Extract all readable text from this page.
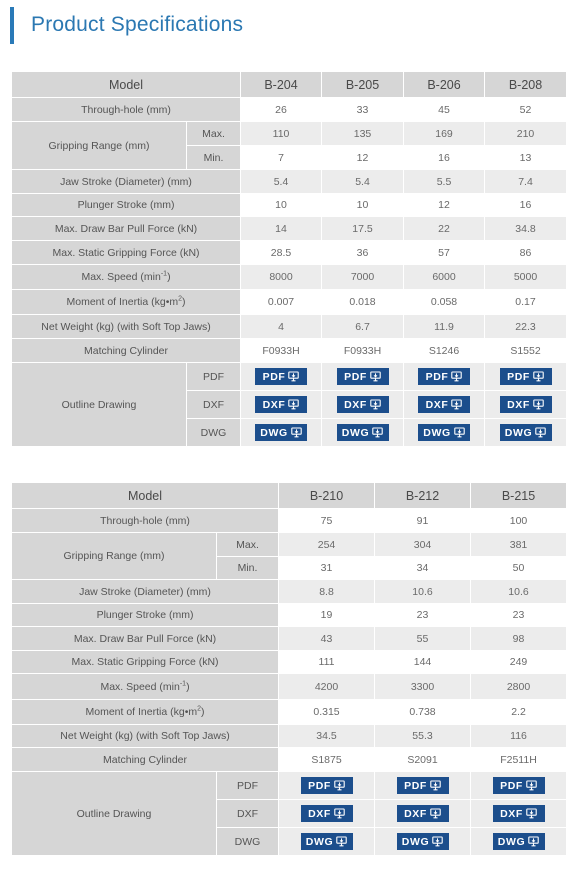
Product Specifications
Model		B-204	B-205	B-206	B-208
Through-hole (mm)		26	33	45	52
Gripping Range (mm)	Max.	110	135	169	210
	Min.	7	12	16	13
Jaw Stroke (Diameter) (mm)		5.4	5.4	5.5	7.4
Plunger Stroke (mm)		10	10	12	16
Max. Draw Bar Pull Force (kN)		14	17.5	22	34.8
Max. Static Gripping Force (kN)		28.5	36	57	86
Max. Speed $(\min^{-1})$		8000	7000	6000	5000
Moment of Inertia $(kg•m^2)$		0.007	0.018	0.058	0.17
Net Weight (kg) (with Soft Top Jaws)		4	6.7	11.9	22.3
Matching Cylinder		F0933H	F0933H	S1246	S1552
Outline Drawing	PDF	PDF	PDF	PDF	PDF

	DXF	DXF	DXF	DXF	DXF

	DWG	DWG	DWG	DWG	DWG
Model		B-210	B-212	B-215
Through-hole (mm)		75	91	100
Gripping Range (mm)	Max.	254	304	381
	Min.	31	34	50
Jaw Stroke (Diameter) (mm)		8.8	10.6	10.6
Plunger Stroke (mm)		19	23	23
Max. Draw Bar Pull Force (kN)		43	55	98
Max. Static Gripping Force (kN)		111	144	249
Max. Speed $(\min^{-1})$		4200	3300	2800
Moment of Inertia $(kg•m^2)$		0.315	0.738	2.2
Net Weight (kg) (with Soft Top Jaws)		34.5	55.3	116
Matching Cylinder		S1875	S2091	F2511H
Outline Drawing	PDF	PDF	PDF	PDF

	DXF	DXF	DXF	DXF

	DWG	DWG	DWG	DWG
